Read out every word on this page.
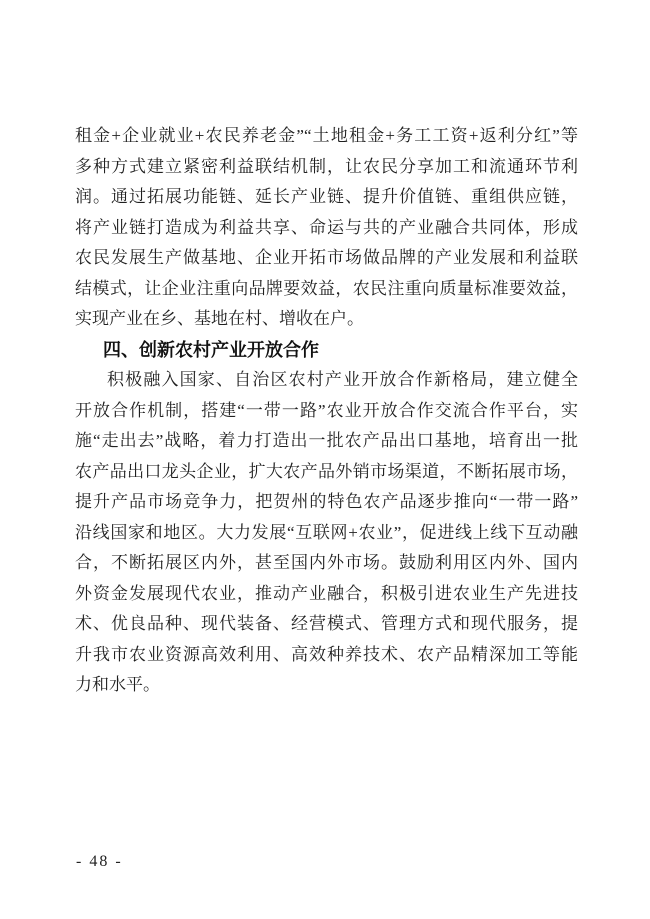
租金+企业就业+农民养老金”“土地租金+务工工资+返利分红”等
多种方式建立紧密利益联结机制，让农民分享加工和流通环节利
润。通过拓展功能链、延长产业链、提升价值链、重组供应链，
将产业链打造成为利益共享、命运与共的产业融合共同体，形成
农民发展生产做基地、企业开拓市场做品牌的产业发展和利益联
结模式，让企业注重向品牌要效益，农民注重向质量标准要效益，
实现产业在乡、基地在村、增收在户。
四、创新农村产业开放合作
积极融入国家、自治区农村产业开放合作新格局，建立健全
开放合作机制，搭建“一带一路”农业开放合作交流合作平台，实
施“走出去”战略，着力打造出一批农产品出口基地，培育出一批
农产品出口龙头企业，扩大农产品外销市场渠道，不断拓展市场，
提升产品市场竞争力，把贺州的特色农产品逐步推向“一带一路”
沿线国家和地区。大力发展“互联网+农业”，促进线上线下互动融
合，不断拓展区内外，甚至国内外市场。鼓励利用区内外、国内
外资金发展现代农业，推动产业融合，积极引进农业生产先进技
术、优良品种、现代装备、经营模式、管理方式和现代服务，提
升我市农业资源高效利用、高效种养技术、农产品精深加工等能
力和水平。
- 48 -
